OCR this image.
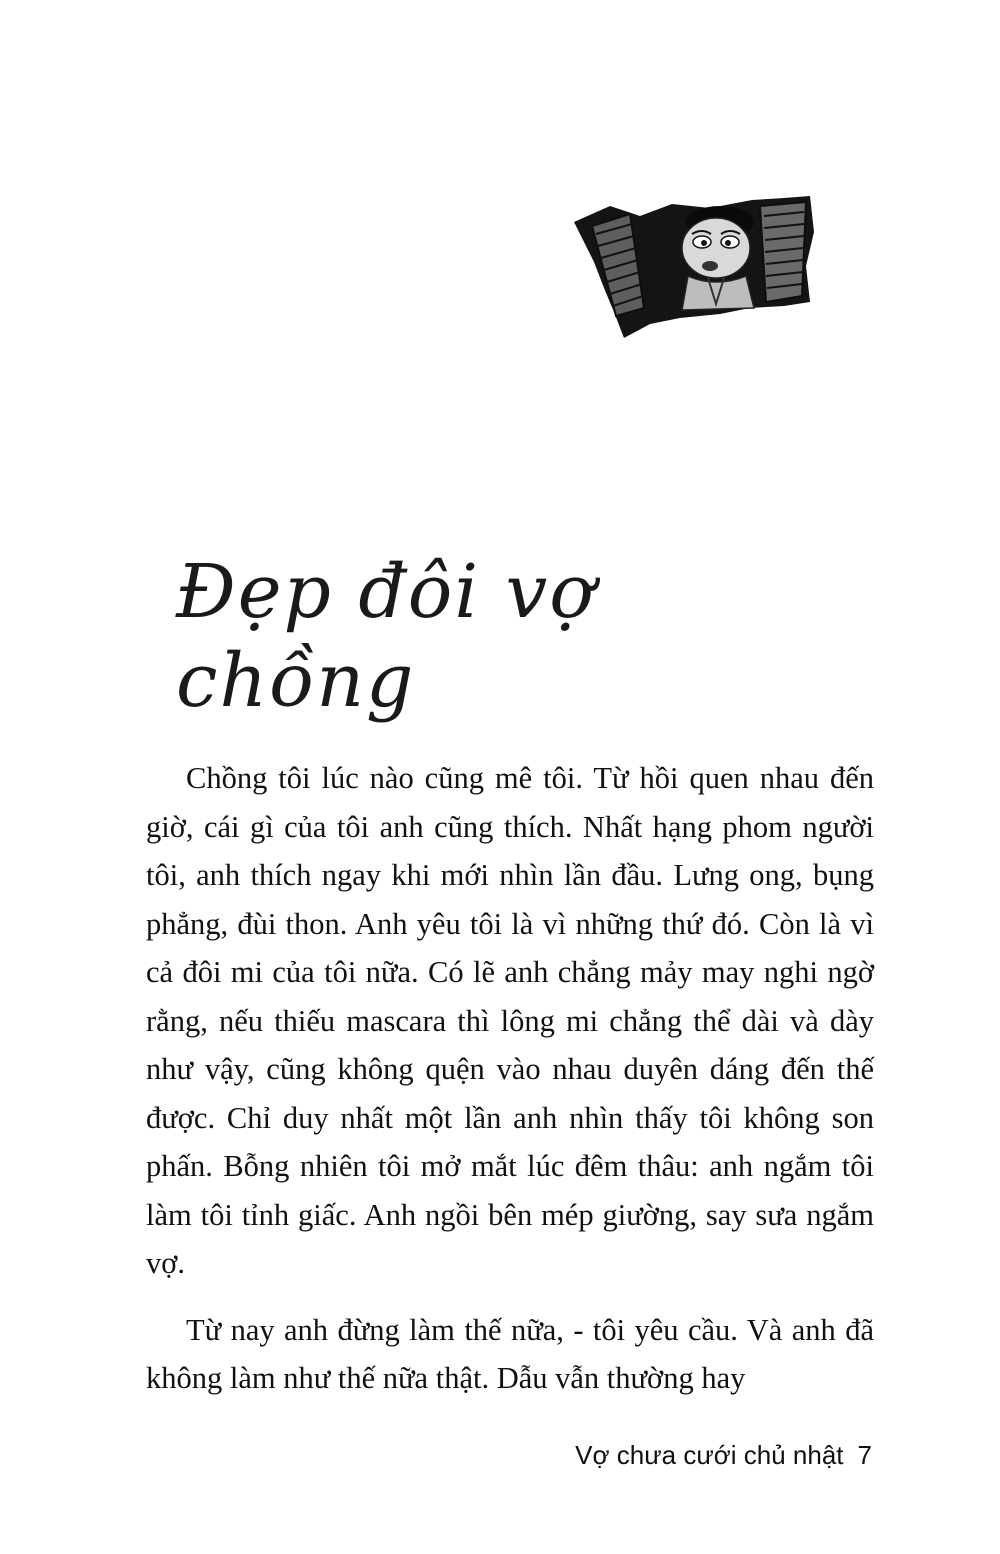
Đẹp đôi vợ chồng

Chồng tôi lúc nào cũng mê tôi. Từ hồi quen nhau đến giờ, cái gì của tôi anh cũng thích. Nhất hạng phom người tôi, anh thích ngay khi mới nhìn lần đầu. Lưng ong, bụng phẳng, đùi thon. Anh yêu tôi là vì những thứ đó. Còn là vì cả đôi mi của tôi nữa. Có lẽ anh chẳng mảy may nghi ngờ rằng, nếu thiếu mascara thì lông mi chẳng thể dài và dày như vậy, cũng không quện vào nhau duyên dáng đến thế được. Chỉ duy nhất một lần anh nhìn thấy tôi không son phấn. Bỗng nhiên tôi mở mắt lúc đêm thâu: anh ngắm tôi làm tôi tỉnh giấc. Anh ngồi bên mép giường, say sưa ngắm vợ.

Từ nay anh đừng làm thế nữa, - tôi yêu cầu. Và anh đã không làm như thế nữa thật. Dẫu vẫn thường hay

Vợ chưa cưới chủ nhật 7
